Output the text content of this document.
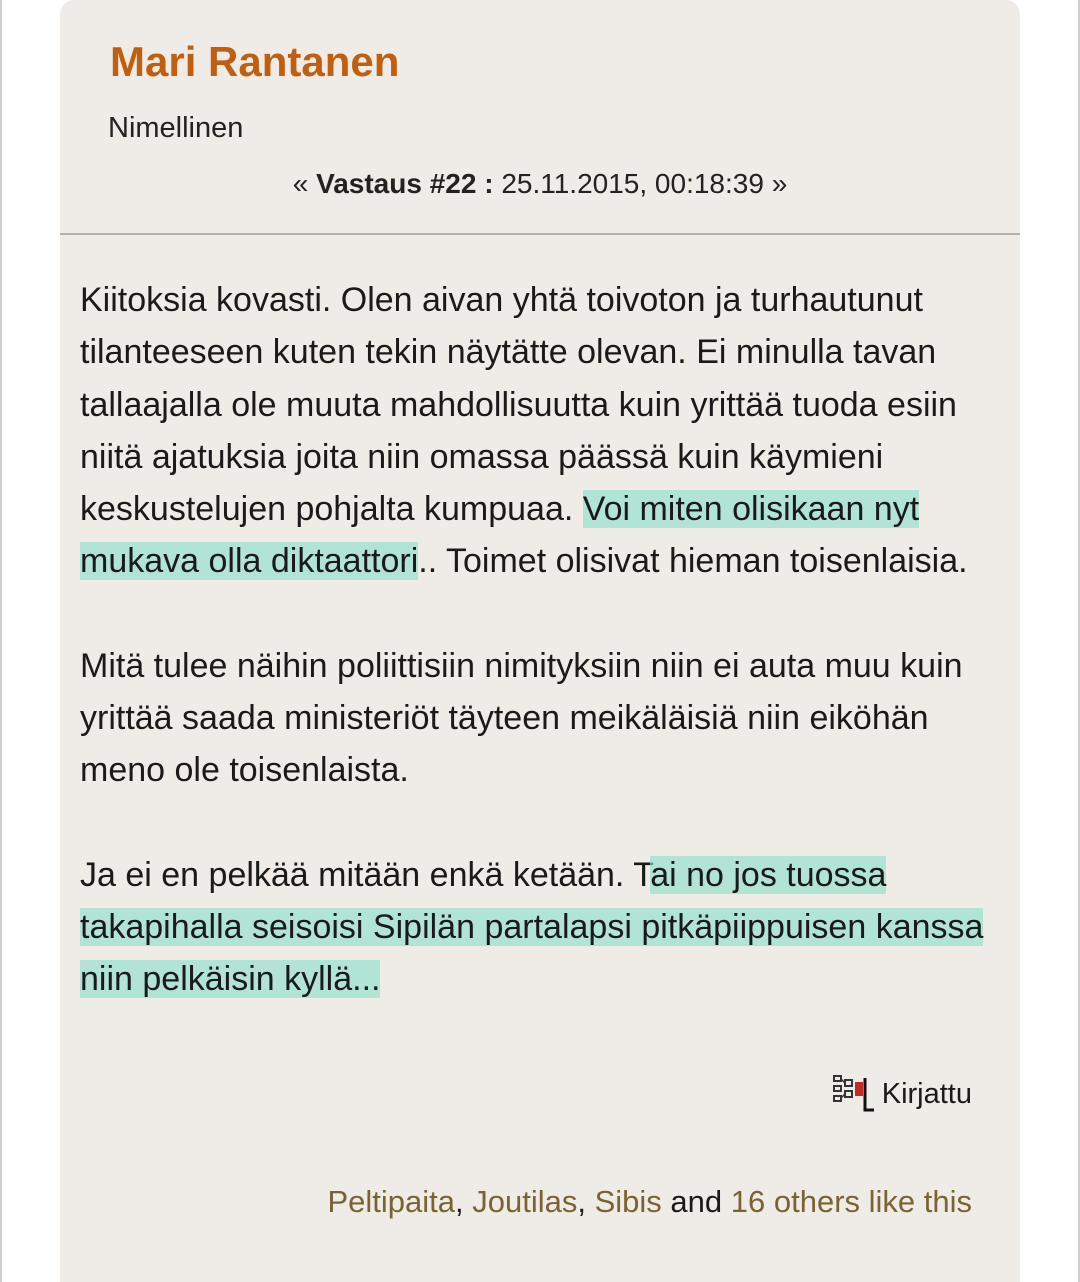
Mari Rantanen
Nimellinen
« Vastaus #22 : 25.11.2015, 00:18:39 »

Kiitoksia kovasti. Olen aivan yhtä toivoton ja turhautunut tilanteeseen kuten tekin näytätte olevan. Ei minulla tavan tallaajalla ole muuta mahdollisuutta kuin yrittää tuoda esiin niitä ajatuksia joita niin omassa päässä kuin käymieni keskustelujen pohjalta kumpuaa. Voi miten olisikaan nyt mukava olla diktaattori.. Toimet olisivat hieman toisenlaisia.

Mitä tulee näihin poliittisiin nimityksiin niin ei auta muu kuin yrittää saada ministeriöt täyteen meikäläisiä niin eiköhän meno ole toisenlaista.

Ja ei en pelkää mitään enkä ketään. Tai no jos tuossa takapihalla seisoisi Sipilän partalapsi pitkäpiippuisen kanssa niin pelkäisin kyllä...

Kirjattu
Peltipaita, Joutilas, Sibis and 16 others like this
